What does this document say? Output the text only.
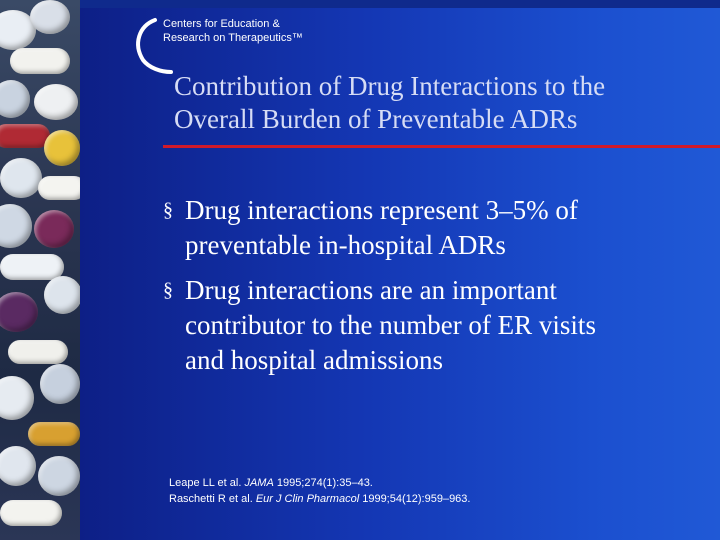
Centers for Education &
Research on Therapeutics™
Contribution of Drug Interactions to the
Overall Burden of Preventable ADRs
§ Drug interactions represent 3–5% of
preventable in-hospital ADRs
§ Drug interactions are an important
contributor to the number of ER visits
and hospital admissions
Leape LL et al. JAMA 1995;274(1):35–43.
Raschetti R et al. Eur J Clin Pharmacol 1999;54(12):959–963.
